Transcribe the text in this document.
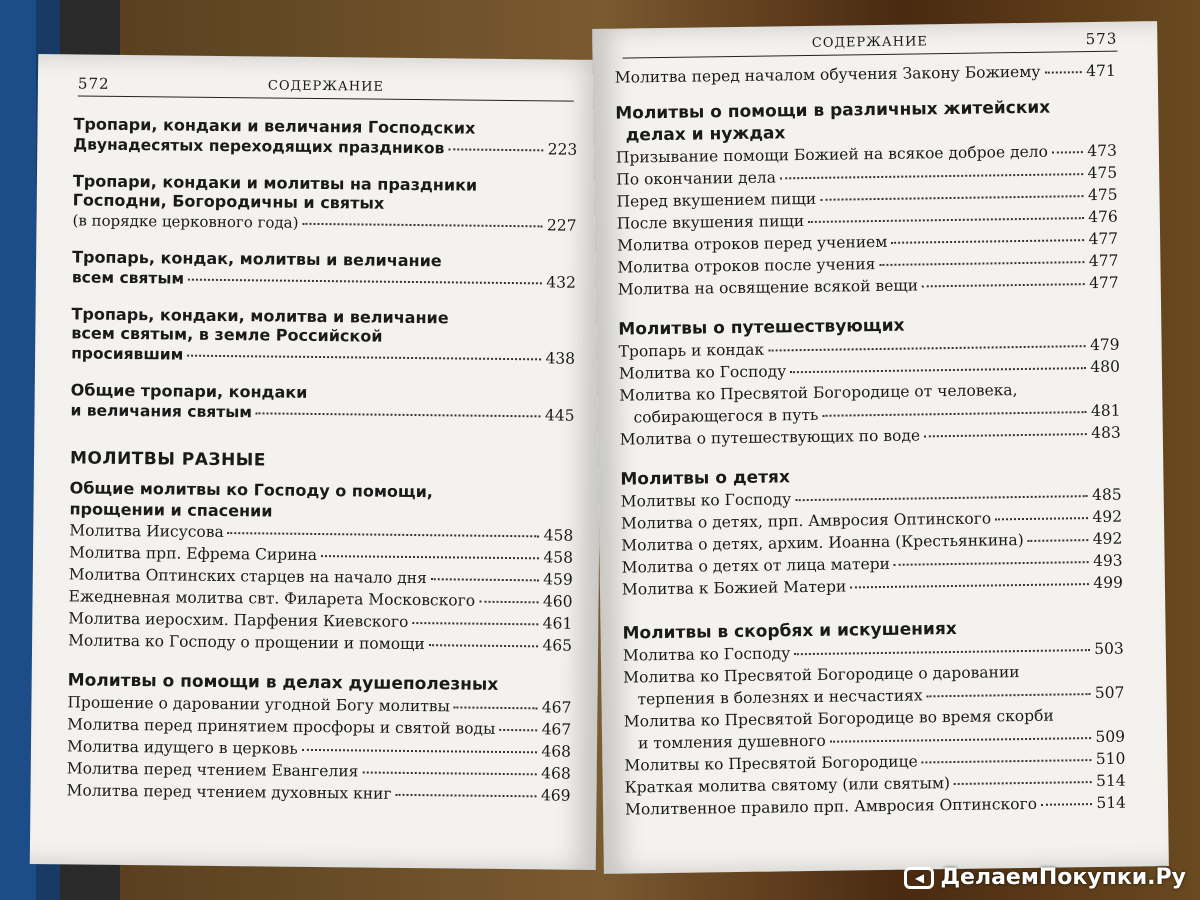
572	СОДЕРЖАНИЕ
Тропари, кондаки и величания Господских
Двунадесятых переходящих праздников	223
Тропари, кондаки и молитвы на праздники
Господни, Богородичны и святых
(в порядке церковного года)	227
Тропарь, кондак, молитвы и величание
всем святым	432
Тропарь, кондаки, молитва и величание
всем святым, в земле Российской
просиявшим	438
Общие тропари, кондаки
и величания святым	445
МОЛИТВЫ РАЗНЫЕ
Общие молитвы ко Господу о помощи,
прощении и спасении
Молитва Иисусова	458
Молитва прп. Ефрема Сирина	458
Молитва Оптинских старцев на начало дня	459
Ежедневная молитва свт. Филарета Московского	460
Молитва иеросхим. Парфения Киевского	461
Молитва ко Господу о прощении и помощи	465
Молитвы о помощи в делах душеполезных
Прошение о даровании угодной Богу молитвы	467
Молитва перед принятием просфоры и святой воды	467
Молитва идущего в церковь	468
Молитва перед чтением Евангелия	468
Молитва перед чтением духовных книг	469
СОДЕРЖАНИЕ	573
Молитва перед началом обучения Закону Божиему	471
Молитвы о помощи в различных житейских
делах и нуждах
Призывание помощи Божией на всякое доброе дело	473
По окончании дела	475
Перед вкушением пищи	475
После вкушения пищи	476
Молитва отроков перед учением	477
Молитва отроков после учения	477
Молитва на освящение всякой вещи	477
Молитвы о путешествующих
Тропарь и кондак	479
Молитва ко Господу	480
Молитва ко Пресвятой Богородице от человека,
собирающегося в путь	481
Молитва о путешествующих по воде	483
Молитвы о детях
Молитвы ко Господу	485
Молитва о детях, прп. Амвросия Оптинского	492
Молитва о детях, архим. Иоанна (Крестьянкина)	492
Молитва о детях от лица матери	493
Молитва к Божией Матери	499
Молитвы в скорбях и искушениях
Молитва ко Господу	503
Молитва ко Пресвятой Богородице о даровании
терпения в болезнях и несчастиях	507
Молитва ко Пресвятой Богородице во время скорби
и томления душевного	509
Молитвы ко Пресвятой Богородице	510
Краткая молитва святому (или святым)	514
Молитвенное правило прп. Амвросия Оптинского	514
◀ ДелаемПокупки.Ру
